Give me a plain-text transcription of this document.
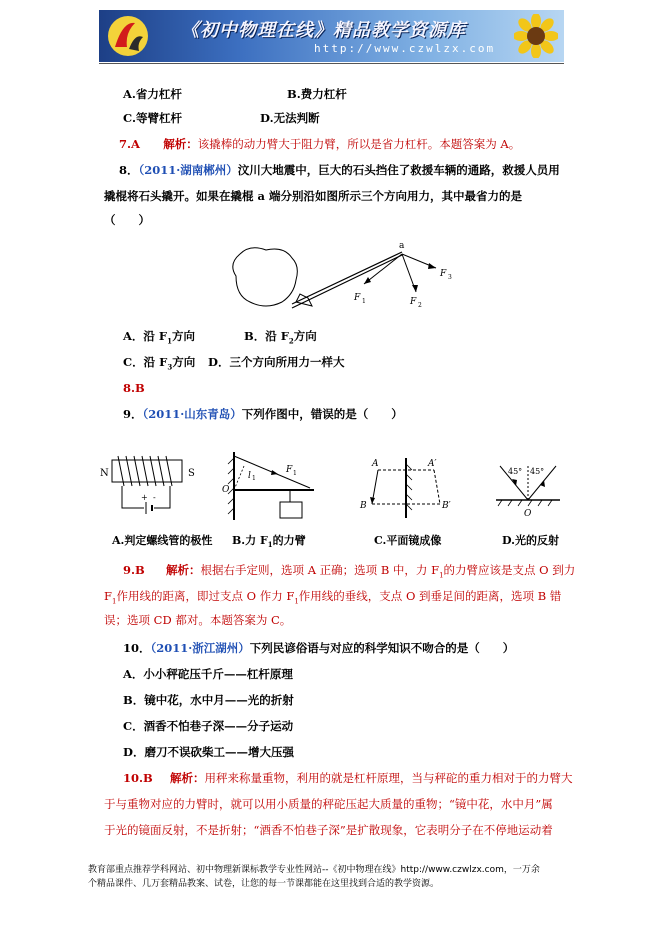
《初中物理在线》精品教学资源库
http://www.czwlzx.com
A.省力杠杆	B.费力杠杆
C.等臂杠杆	D.无法判断
7.A 解析：该撬棒的动力臂大于阻力臂，所以是省力杠杆。本题答案为 A。
8．（2011·湖南郴州）汶川大地震中，巨大的石头挡住了救援车辆的通路，救援人员用
撬棍将石头撬开。如果在撬棍 a 端分别沿如图所示三个方向用力，其中最省力的是
（　　）
a
F 1	F 2
F 3
A．沿 $F_1$方向	B．沿 $F_2$方向
C．沿 $F_3$方向 D．三个方向所用力一样大
8.B
9．（2011·山东青岛）下列作图中，错误的是（　　）
N	S
+ -
O
l 1
F 1
A	A′
B	B′
45° 45°
O
A.判定螺线管的极性 B.力 $F_1$的力臂	C.平面镜成像	D.光的反射
9.B 解析：根据右手定则，选项 A 正确；选项 B 中，力 $F_1$的力臂应该是支点 O 到力
$F_1$作用线的距离，即过支点 O 作力 $F_1$作用线的垂线，支点 O 到垂足间的距离，选项 B 错
误；选项 CD 都对。本题答案为 C。
10．（2011·浙江湖州）下列民谚俗语与对应的科学知识不吻合的是（　　）
A．小小秤砣压千斤——杠杆原理
B．镜中花，水中月——光的折射
C．酒香不怕巷子深——分子运动
D．磨刀不误砍柴工——增大压强
10.B 解析：用秤来称量重物，利用的就是杠杆原理，当与秤砣的重力相对于的力臂大
于与重物对应的力臂时，就可以用小质量的秤砣压起大质量的重物；“镜中花，水中月”属
于光的镜面反射，不是折射；“酒香不怕巷子深”是扩散现象，它表明分子在不停地运动着
教育部重点推荐学科网站、初中物理新课标教学专业性网站--《初中物理在线》http://www.czwlzx.com，一万余
个精品课件、几万套精品教案、试卷，让您的每一节课都能在这里找到合适的教学资源。
